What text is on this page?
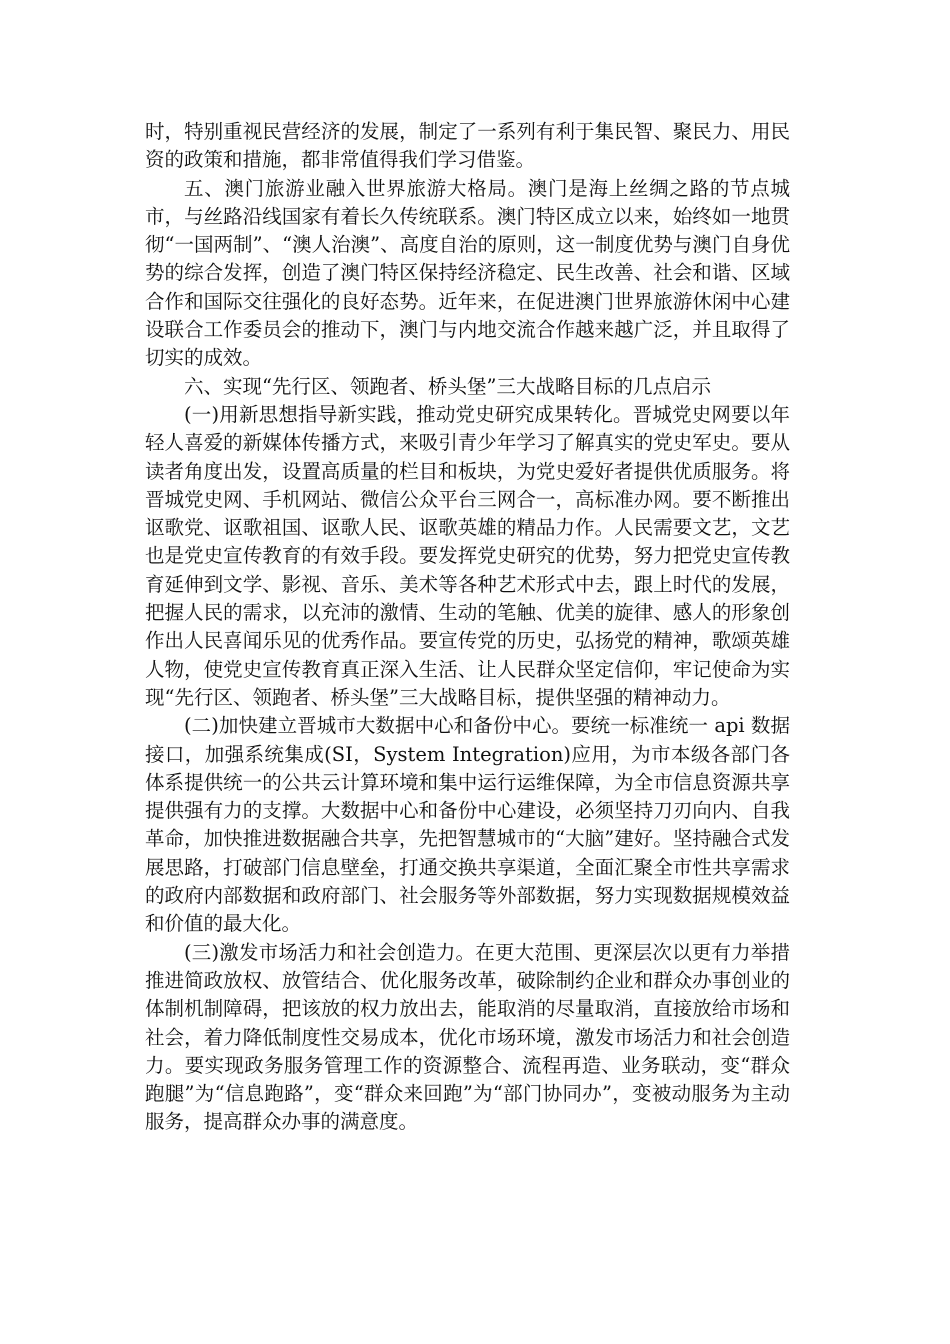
时，特别重视民营经济的发展，制定了一系列有利于集民智、聚民力、用民资的政策和措施，都非常值得我们学习借鉴。

五、澳门旅游业融入世界旅游大格局。澳门是海上丝绸之路的节点城市，与丝路沿线国家有着长久传统联系。澳门特区成立以来，始终如一地贯彻“一国两制”、“澳人治澳”、高度自治的原则，这一制度优势与澳门自身优势的综合发挥，创造了澳门特区保持经济稳定、民生改善、社会和谐、区域合作和国际交往强化的良好态势。近年来，在促进澳门世界旅游休闲中心建设联合工作委员会的推动下，澳门与内地交流合作越来越广泛，并且取得了切实的成效。

六、实现“先行区、领跑者、桥头堡”三大战略目标的几点启示

(一)用新思想指导新实践，推动党史研究成果转化。晋城党史网要以年轻人喜爱的新媒体传播方式，来吸引青少年学习了解真实的党史军史。要从读者角度出发，设置高质量的栏目和板块，为党史爱好者提供优质服务。将晋城党史网、手机网站、微信公众平台三网合一，高标准办网。要不断推出讴歌党、讴歌祖国、讴歌人民、讴歌英雄的精品力作。人民需要文艺，文艺也是党史宣传教育的有效手段。要发挥党史研究的优势，努力把党史宣传教育延伸到文学、影视、音乐、美术等各种艺术形式中去，跟上时代的发展，把握人民的需求，以充沛的激情、生动的笔触、优美的旋律、感人的形象创作出人民喜闻乐见的优秀作品。要宣传党的历史，弘扬党的精神，歌颂英雄人物，使党史宣传教育真正深入生活、让人民群众坚定信仰，牢记使命为实现“先行区、领跑者、桥头堡”三大战略目标，提供坚强的精神动力。

(二)加快建立晋城市大数据中心和备份中心。要统一标准统一 api 数据接口，加强系统集成(SI，System Integration)应用，为市本级各部门各体系提供统一的公共云计算环境和集中运行运维保障，为全市信息资源共享提供强有力的支撑。大数据中心和备份中心建设，必须坚持刀刃向内、自我革命，加快推进数据融合共享，先把智慧城市的“大脑”建好。坚持融合式发展思路，打破部门信息壁垒，打通交换共享渠道，全面汇聚全市性共享需求的政府内部数据和政府部门、社会服务等外部数据，努力实现数据规模效益和价值的最大化。

(三)激发市场活力和社会创造力。在更大范围、更深层次以更有力举措推进简政放权、放管结合、优化服务改革，破除制约企业和群众办事创业的体制机制障碍，把该放的权力放出去，能取消的尽量取消，直接放给市场和社会，着力降低制度性交易成本，优化市场环境，激发市场活力和社会创造力。要实现政务服务管理工作的资源整合、流程再造、业务联动，变“群众跑腿”为“信息跑路”，变“群众来回跑”为“部门协同办”，变被动服务为主动服务，提高群众办事的满意度。
